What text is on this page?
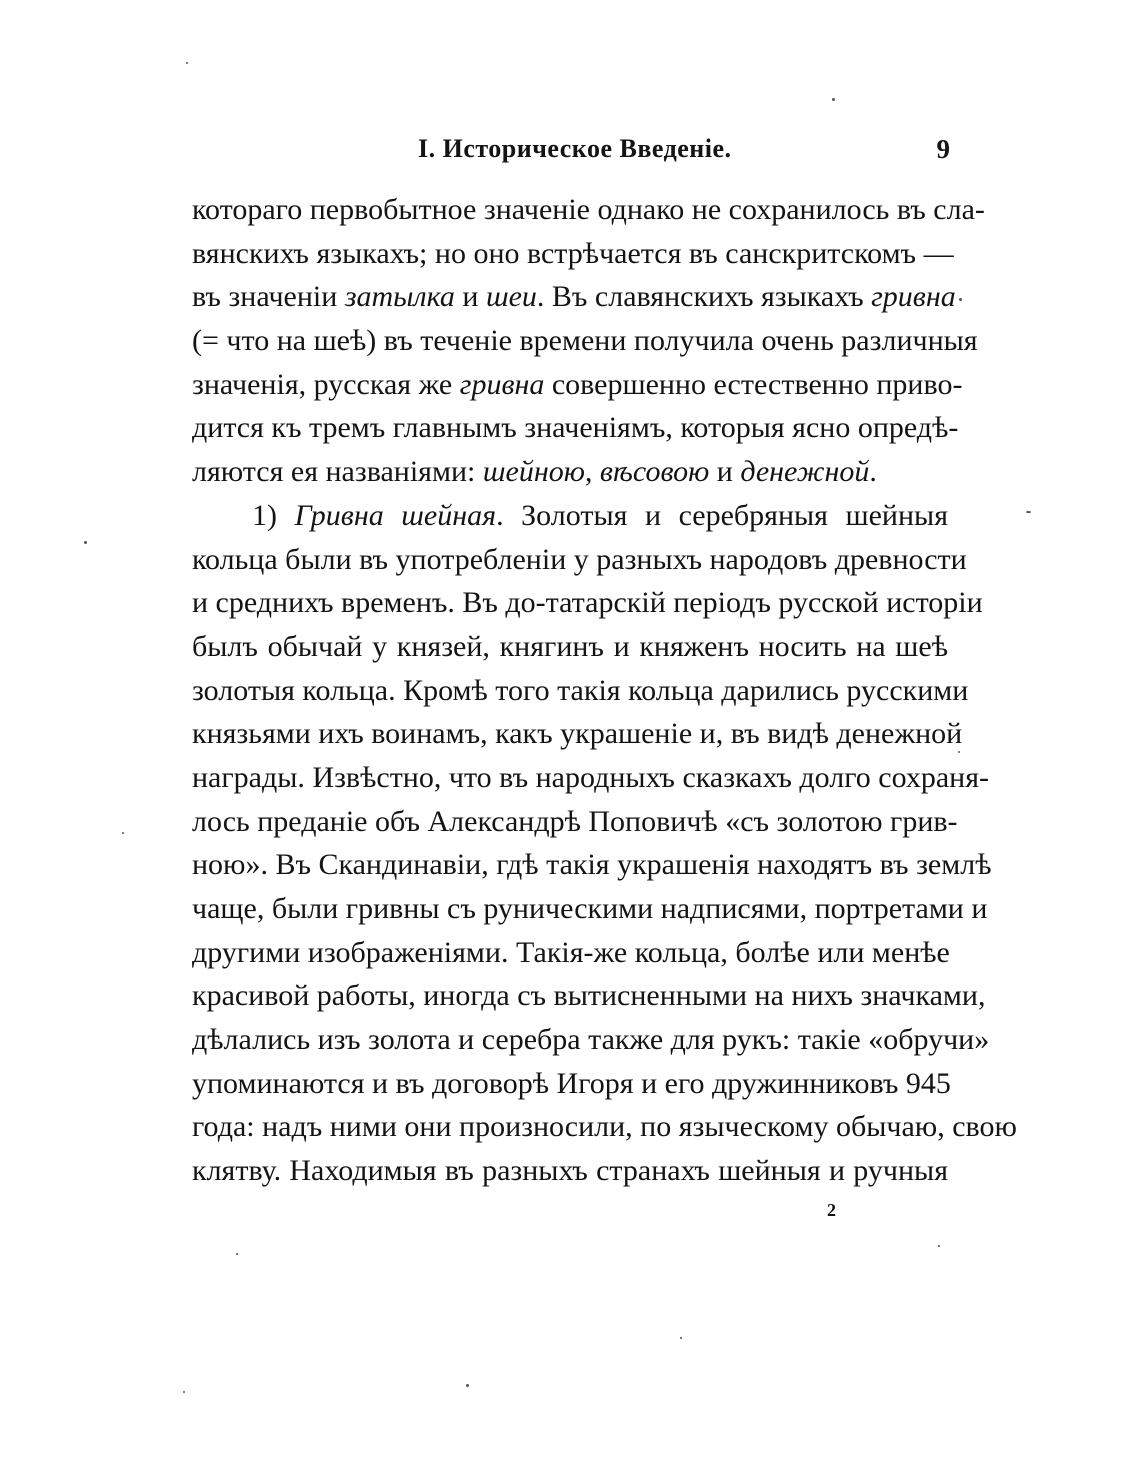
I. Историческое Введеніе.	9
котораго первобытное значеніе однако не сохранилось въ сла-
вянскихъ языкахъ; но оно встрѣчается въ санскритскомъ —
въ значеніи затылка и шеи. Въ славянскихъ языкахъ гривна
(= что на шеѣ) въ теченіе времени получила очень различныя
значенія, русская же гривна совершенно естественно приво-
дится къ тремъ главнымъ значеніямъ, которыя ясно опредѣ-
ляются ея названіями: шейною, вѣсовою и денежной.
1) Гривна шейная. Золотыя и серебряныя шейныя
кольца были въ употребленіи у разныхъ народовъ древности
и среднихъ временъ. Въ до-татарскій періодъ русской исторіи
былъ обычай у князей, княгинъ и княженъ носить на шеѣ
золотыя кольца. Кромѣ того такія кольца дарились русскими
князьями ихъ воинамъ, какъ украшеніе и, въ видѣ денежной
награды. Извѣстно, что въ народныхъ сказкахъ долго сохраня-
лось преданіе объ Александрѣ Поповичѣ «съ золотою грив-
ною». Въ Скандинавіи, гдѣ такія украшенія находятъ въ землѣ
чаще, были гривны съ руническими надписями, портретами и
другими изображеніями. Такія-же кольца, болѣе или менѣе
красивой работы, иногда съ вытисненными на нихъ значками,
дѣлались изъ золота и серебра также для рукъ: такіе «обручи»
упоминаются и въ договорѣ Игоря и его дружинниковъ 945
года: надъ ними они произносили, по языческому обычаю, свою
клятву. Находимыя въ разныхъ странахъ шейныя и ручныя
2
